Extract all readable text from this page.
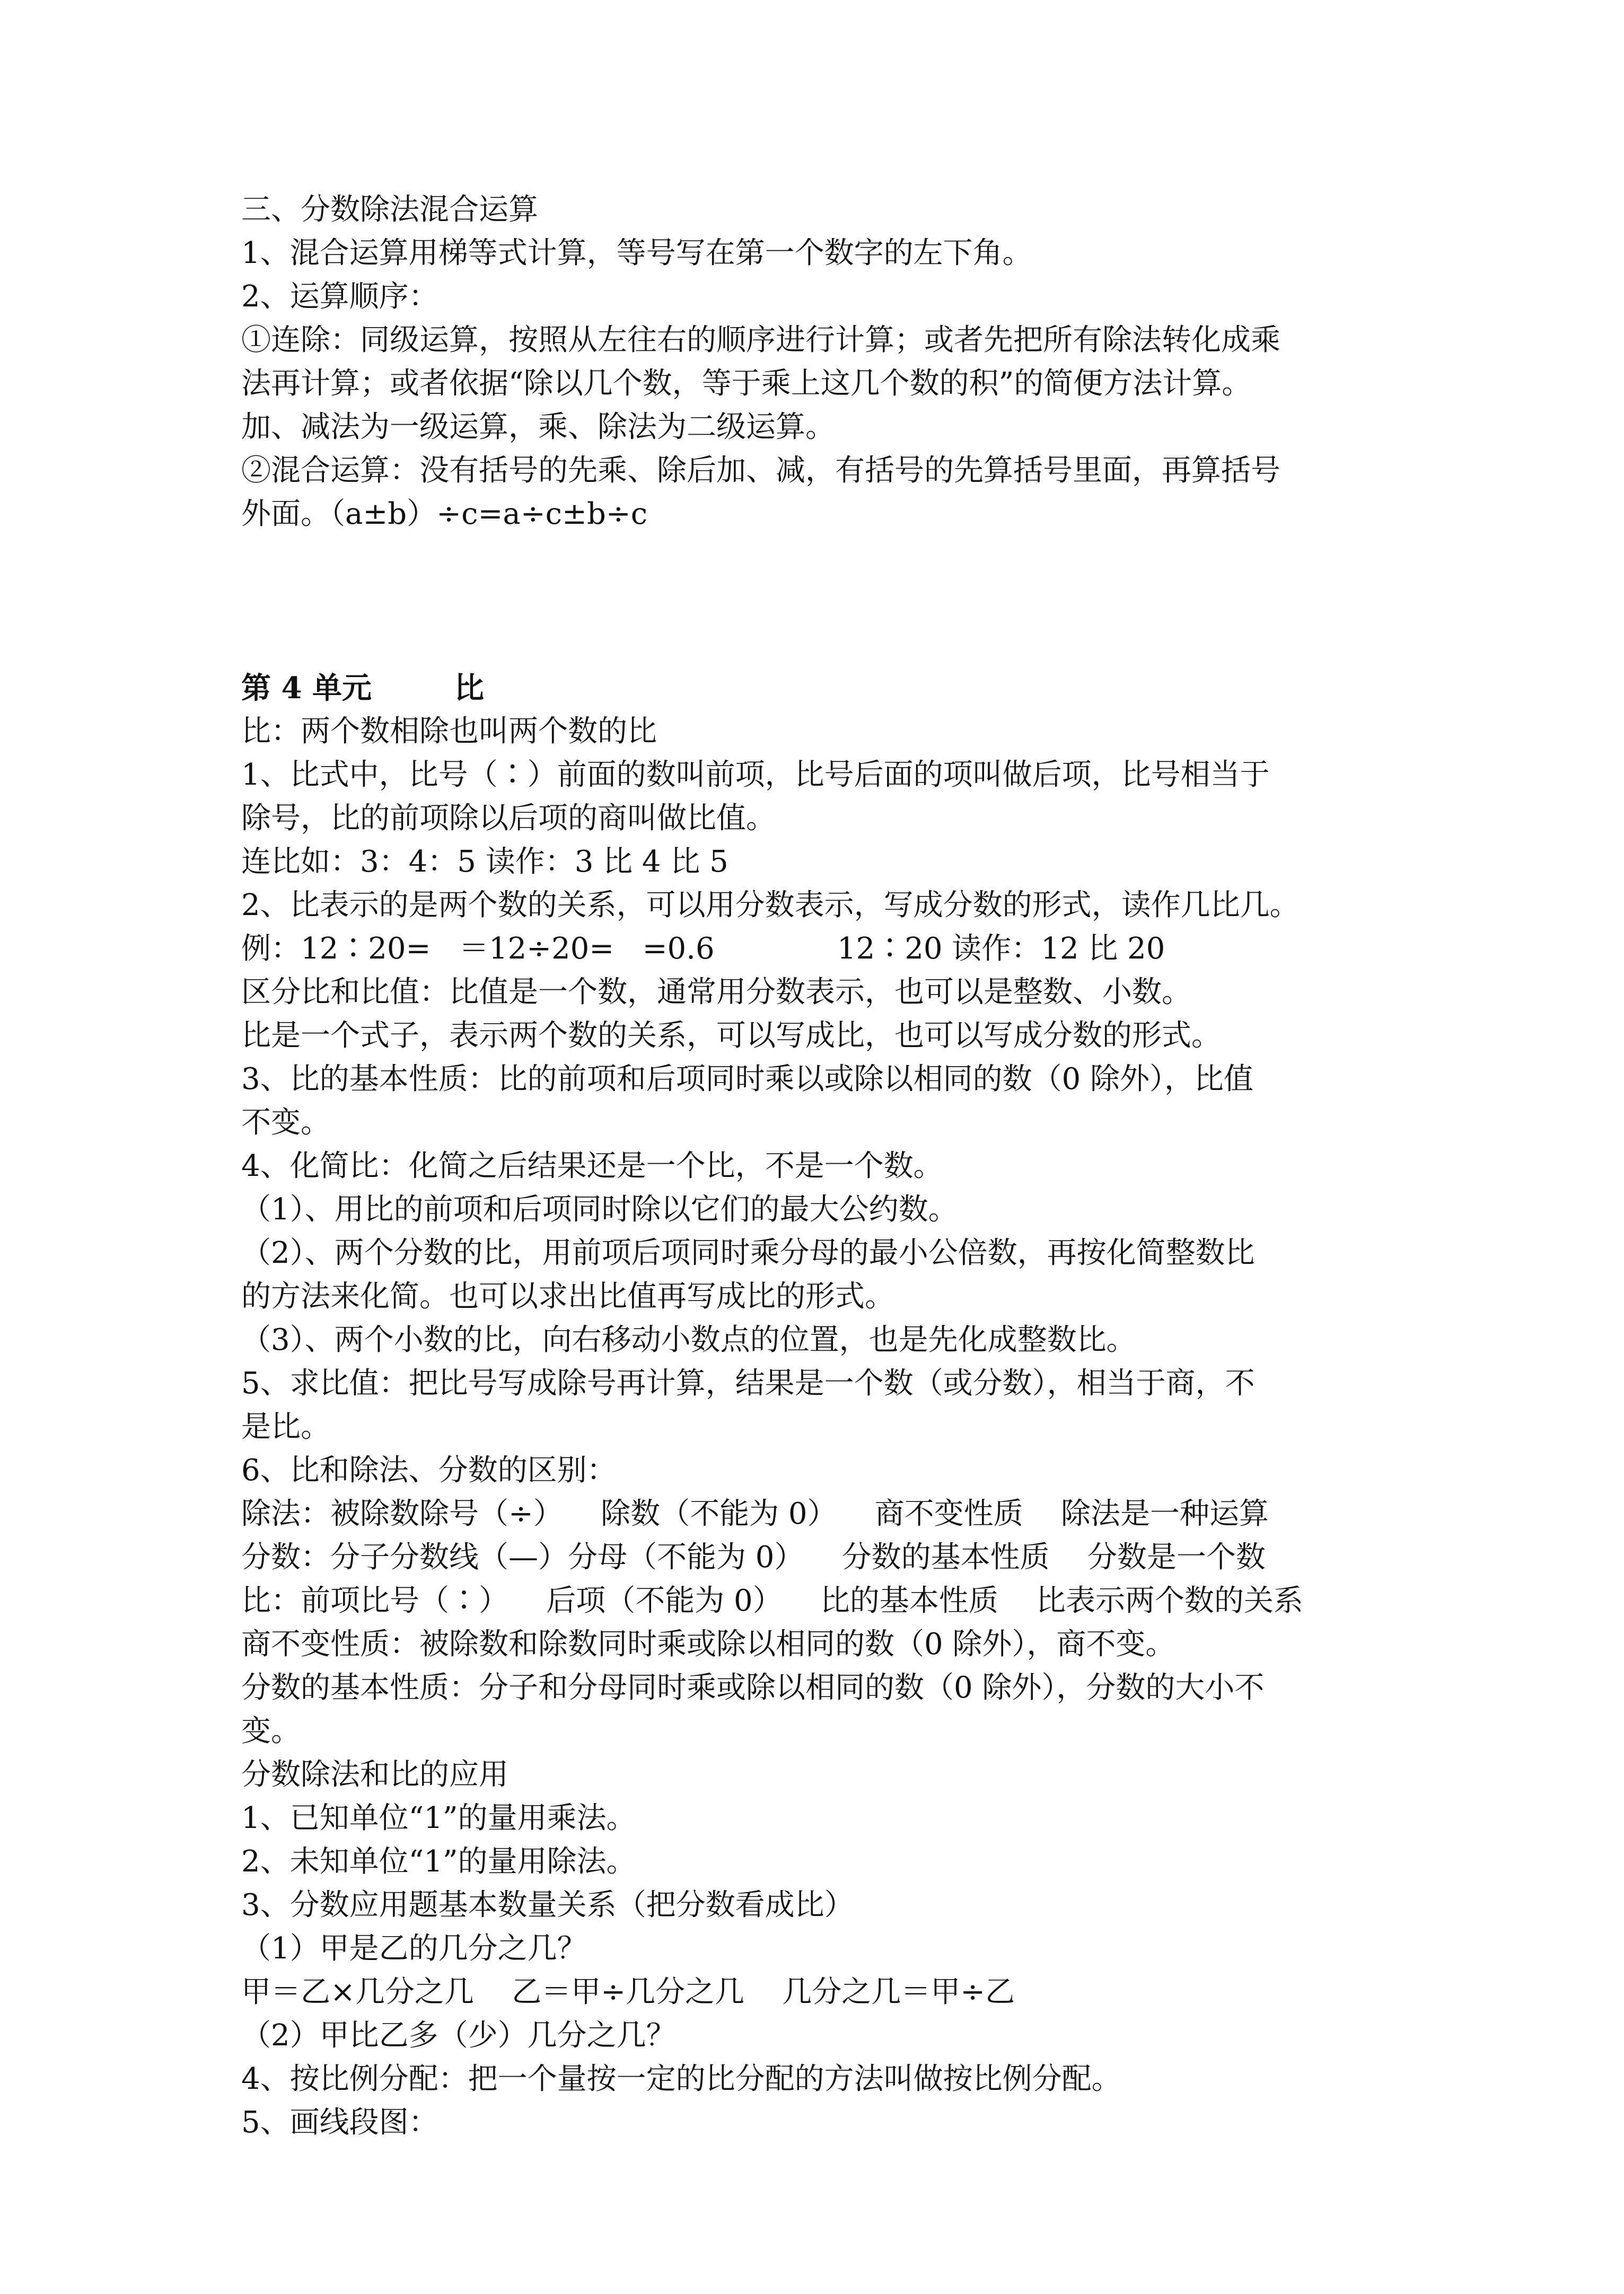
三、分数除法混合运算

1、混合运算用梯等式计算，等号写在第一个数字的左下角。

2、运算顺序：

①连除：同级运算，按照从左往右的顺序进行计算；或者先把所有除法转化成乘

法再计算；或者依据“除以几个数，等于乘上这几个数的积”的简便方法计算。

加、减法为一级运算，乘、除法为二级运算。

②混合运算：没有括号的先乘、除后加、减，有括号的先算括号里面，再算括号

外面。（a±b）÷c=a÷c±b÷c

第 4 单元        比

比：两个数相除也叫两个数的比

1、比式中，比号（∶）前面的数叫前项，比号后面的项叫做后项，比号相当于

除号，比的前项除以后项的商叫做比值。

连比如：3：4：5 读作：3 比 4 比 5

2、比表示的是两个数的关系，可以用分数表示，写成分数的形式，读作几比几。

例：12∶20=   ＝12÷20=   =0.6             12∶20 读作：12 比 20

区分比和比值：比值是一个数，通常用分数表示，也可以是整数、小数。

比是一个式子，表示两个数的关系，可以写成比，也可以写成分数的形式。

3、比的基本性质：比的前项和后项同时乘以或除以相同的数（0 除外），比值

不变。

4、化简比：化简之后结果还是一个比，不是一个数。

（1）、用比的前项和后项同时除以它们的最大公约数。

（2）、两个分数的比，用前项后项同时乘分母的最小公倍数，再按化简整数比

的方法来化简。也可以求出比值再写成比的形式。

（3）、两个小数的比，向右移动小数点的位置，也是先化成整数比。

5、求比值：把比号写成除号再计算，结果是一个数（或分数），相当于商，不

是比。

6、比和除法、分数的区别：

除法：被除数除号（÷）    除数（不能为 0）    商不变性质    除法是一种运算

分数：分子分数线（—）分母（不能为 0）    分数的基本性质    分数是一个数

比：前项比号（∶）    后项（不能为 0）    比的基本性质    比表示两个数的关系

商不变性质：被除数和除数同时乘或除以相同的数（0 除外），商不变。

分数的基本性质：分子和分母同时乘或除以相同的数（0 除外），分数的大小不

变。

分数除法和比的应用

1、已知单位“1”的量用乘法。

2、未知单位“1”的量用除法。

3、分数应用题基本数量关系（把分数看成比）

（1）甲是乙的几分之几？

甲＝乙×几分之几    乙＝甲÷几分之几    几分之几＝甲÷乙

（2）甲比乙多（少）几分之几？

4、按比例分配：把一个量按一定的比分配的方法叫做按比例分配。

5、画线段图：
